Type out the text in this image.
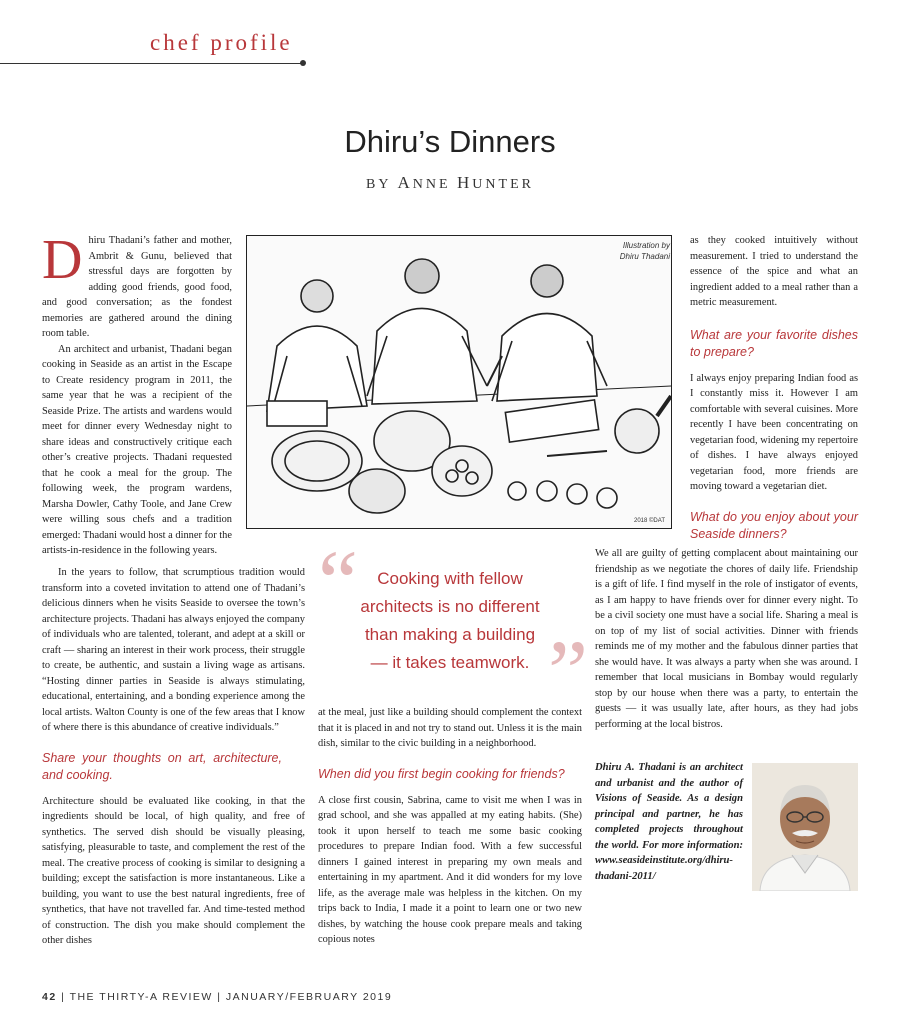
chef profile
Dhiru’s Dinners
BY ANNE HUNTER

Dhiru Thadani’s father and mother, Ambrit & Gunu, believed that stressful days are forgotten by adding good friends, good food, and good conversation; as the fondest memories are gathered around the dining room table.

An architect and urbanist, Thadani began cooking in Seaside as an artist in the Escape to Create residency program in 2011, the same year that he was a recipient of the Seaside Prize. The artists and wardens would meet for dinner every Wednesday night to share ideas and constructively critique each other’s creative projects. Thadani requested that he cook a meal for the group. The following week, the program wardens, Marsha Dowler, Cathy Toole, and Jane Crew were willing sous chefs and a tradition emerged: Thadani would host a dinner for the artists-in-residence in the following years.

In the years to follow, that scrumptious tradition would transform into a coveted invitation to attend one of Thadani’s delicious dinners when he visits Seaside to oversee the town’s architecture projects. Thadani has always enjoyed the company of individuals who are talented, tolerant, and adept at a skill or craft — sharing an interest in their work process, their struggle to create, be authentic, and sustain a living wage as artisans. “Hosting dinner parties in Seaside is always stimulating, educational, entertaining, and a bonding experience among the local artists. Walton County is one of the few areas that I know of where there is this abundance of creative individuals.”

Share your thoughts on art, architecture, and cooking.

Architecture should be evaluated like cooking, in that the ingredients should be local, of high quality, and free of synthetics. The served dish should be visually pleasing, satisfying, pleasurable to taste, and complement the rest of the meal. The creative process of cooking is similar to designing a building; except the satisfaction is more instantaneous. Like a building, you want to use the best natural ingredients, free of synthetics, that have not travelled far. And time-tested method of construction. The dish you make should complement the other dishes

2018 ©DAT
Illustration by
Dhiru Thadani
“
”
Cooking with fellow
architects is no different
than making a building
— it takes teamwork.

at the meal, just like a building should complement the context that it is placed in and not try to stand out. Unless it is the main dish, similar to the civic building in a neighborhood.

When did you first begin cooking for friends?

A close first cousin, Sabrina, came to visit me when I was in grad school, and she was appalled at my eating habits. (She) took it upon herself to teach me some basic cooking procedures to prepare Indian food. With a few successful dinners I gained interest in preparing my own meals and entertaining in my apartment. And it did wonders for my love life, as the average male was helpless in the kitchen. On my trips back to India, I made it a point to learn one or two new dishes, by watching the house cook prepare meals and taking copious notes

as they cooked intuitively without measurement. I tried to understand the essence of the spice and what an ingredient added to a meal rather than a metric measurement.

What are your favorite dishes to prepare?

I always enjoy preparing Indian food as I constantly miss it. However I am comfortable with several cuisines. More recently I have been concentrating on vegetarian food, widening my repertoire of dishes. I have always enjoyed vegetarian food, more friends are moving toward a vegetarian diet.

What do you enjoy about your Seaside dinners?

We all are guilty of getting complacent about maintaining our friendship as we negotiate the chores of daily life. Friendship is a gift of life. I find myself in the role of instigator of events, as I am happy to have friends over for dinner every night. To be a civil society one must have a social life. Sharing a meal is on top of my list of social activities. Dinner with friends reminds me of my mother and the fabulous dinner parties that she would have. It was always a party when she was around. I remember that local musicians in Bombay would regularly stop by our house when there was a party, to entertain the guests — it was usually late, after hours, as they had jobs performing at the local bistros.

Dhiru A. Thadani is an architect and urbanist and the author of Visions of Seaside. As a design principal and partner, he has completed projects throughout the world. For more information: www.seasideinstitute.org/dhiru-thadani-2011/
42 | THE THIRTY-A REVIEW | JANUARY/FEBRUARY 2019
